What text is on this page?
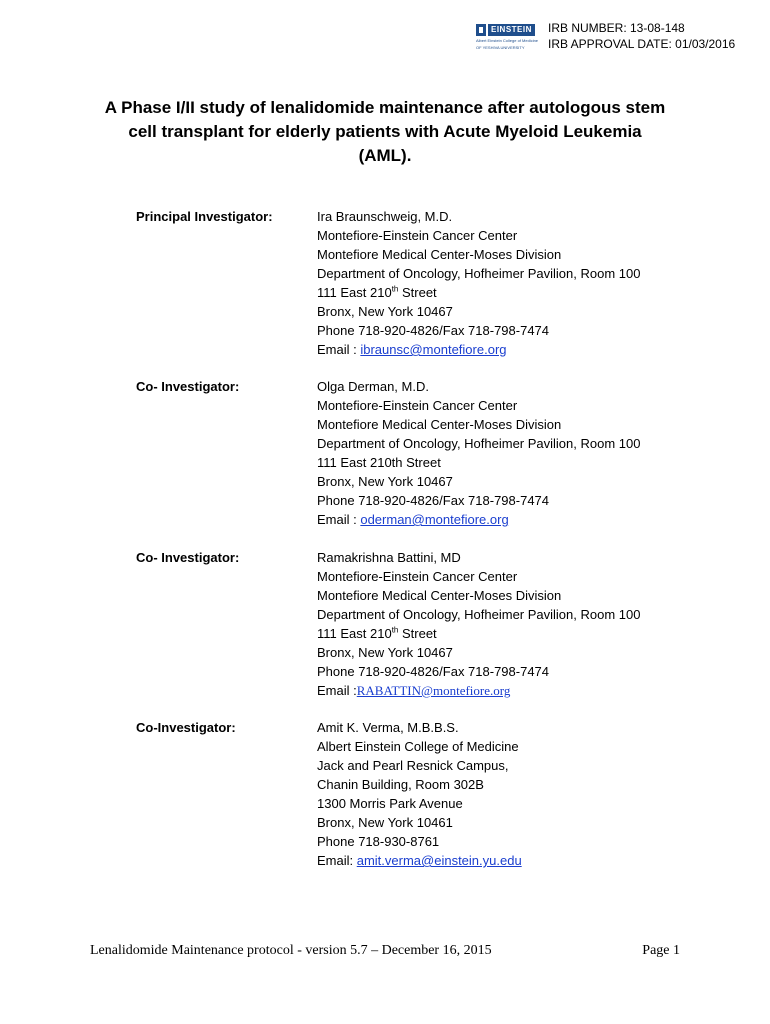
EINSTEIN
Albert Einstein College of Medicine
OF YESHIVA UNIVERSITY
IRB NUMBER: 13-08-148
IRB APPROVAL DATE: 01/03/2016
A Phase I/II study of lenalidomide maintenance after autologous stem
cell transplant for elderly patients with Acute Myeloid Leukemia
(AML).
Principal Investigator:	Ira Braunschweig, M.D.
Montefiore-Einstein Cancer Center
Montefiore Medical Center-Moses Division
Department of Oncology, Hofheimer Pavilion, Room 100
111 East 210th Street
Bronx, New York 10467
Phone 718-920-4826/Fax 718-798-7474
Email : ibraunsc@montefiore.org
Co- Investigator:	Olga Derman, M.D.
Montefiore-Einstein Cancer Center
Montefiore Medical Center-Moses Division
Department of Oncology, Hofheimer Pavilion, Room 100
111 East 210th Street
Bronx, New York 10467
Phone 718-920-4826/Fax 718-798-7474
Email : oderman@montefiore.org
Co- Investigator:	Ramakrishna Battini, MD
Montefiore-Einstein Cancer Center
Montefiore Medical Center-Moses Division
Department of Oncology, Hofheimer Pavilion, Room 100
111 East 210th Street
Bronx, New York 10467
Phone 718-920-4826/Fax 718-798-7474
Email :RABATTIN@montefiore.org
Co-Investigator:	Amit K. Verma, M.B.B.S.
Albert Einstein College of Medicine
Jack and Pearl Resnick Campus,
Chanin Building, Room 302B
1300 Morris Park Avenue
Bronx, New York 10461
Phone 718-930-8761
Email: amit.verma@einstein.yu.edu
Lenalidomide Maintenance protocol - version 5.7 – December 16, 2015	Page 1
